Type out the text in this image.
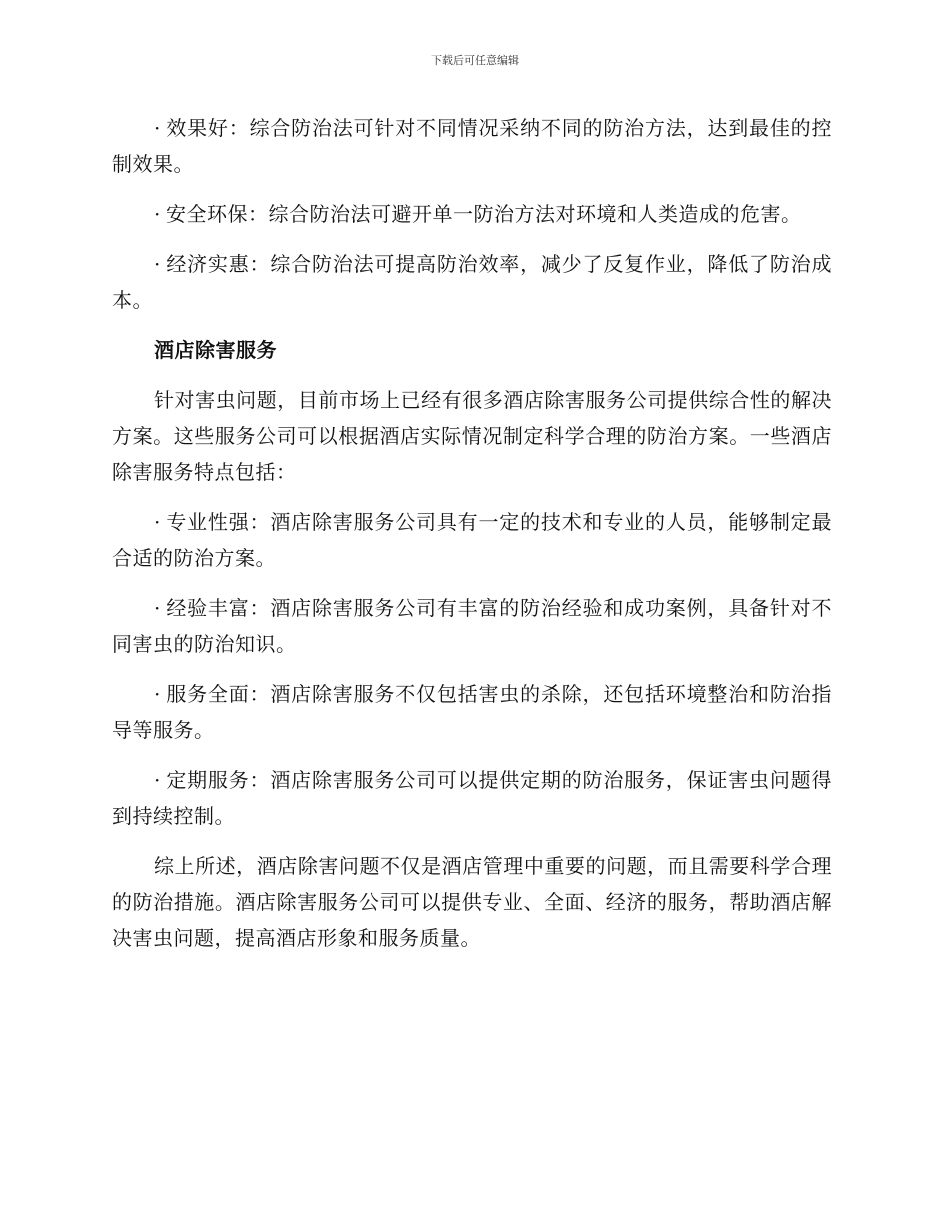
下载后可任意编辑

· 效果好：综合防治法可针对不同情况采纳不同的防治方法，达到最佳的控制效果。

· 安全环保：综合防治法可避开单一防治方法对环境和人类造成的危害。

· 经济实惠：综合防治法可提高防治效率，减少了反复作业，降低了防治成本。

酒店除害服务

针对害虫问题，目前市场上已经有很多酒店除害服务公司提供综合性的解决方案。这些服务公司可以根据酒店实际情况制定科学合理的防治方案。一些酒店除害服务特点包括：

· 专业性强：酒店除害服务公司具有一定的技术和专业的人员，能够制定最合适的防治方案。

· 经验丰富：酒店除害服务公司有丰富的防治经验和成功案例，具备针对不同害虫的防治知识。

· 服务全面：酒店除害服务不仅包括害虫的杀除，还包括环境整治和防治指导等服务。

· 定期服务：酒店除害服务公司可以提供定期的防治服务，保证害虫问题得到持续控制。

综上所述，酒店除害问题不仅是酒店管理中重要的问题，而且需要科学合理的防治措施。酒店除害服务公司可以提供专业、全面、经济的服务，帮助酒店解决害虫问题，提高酒店形象和服务质量。
